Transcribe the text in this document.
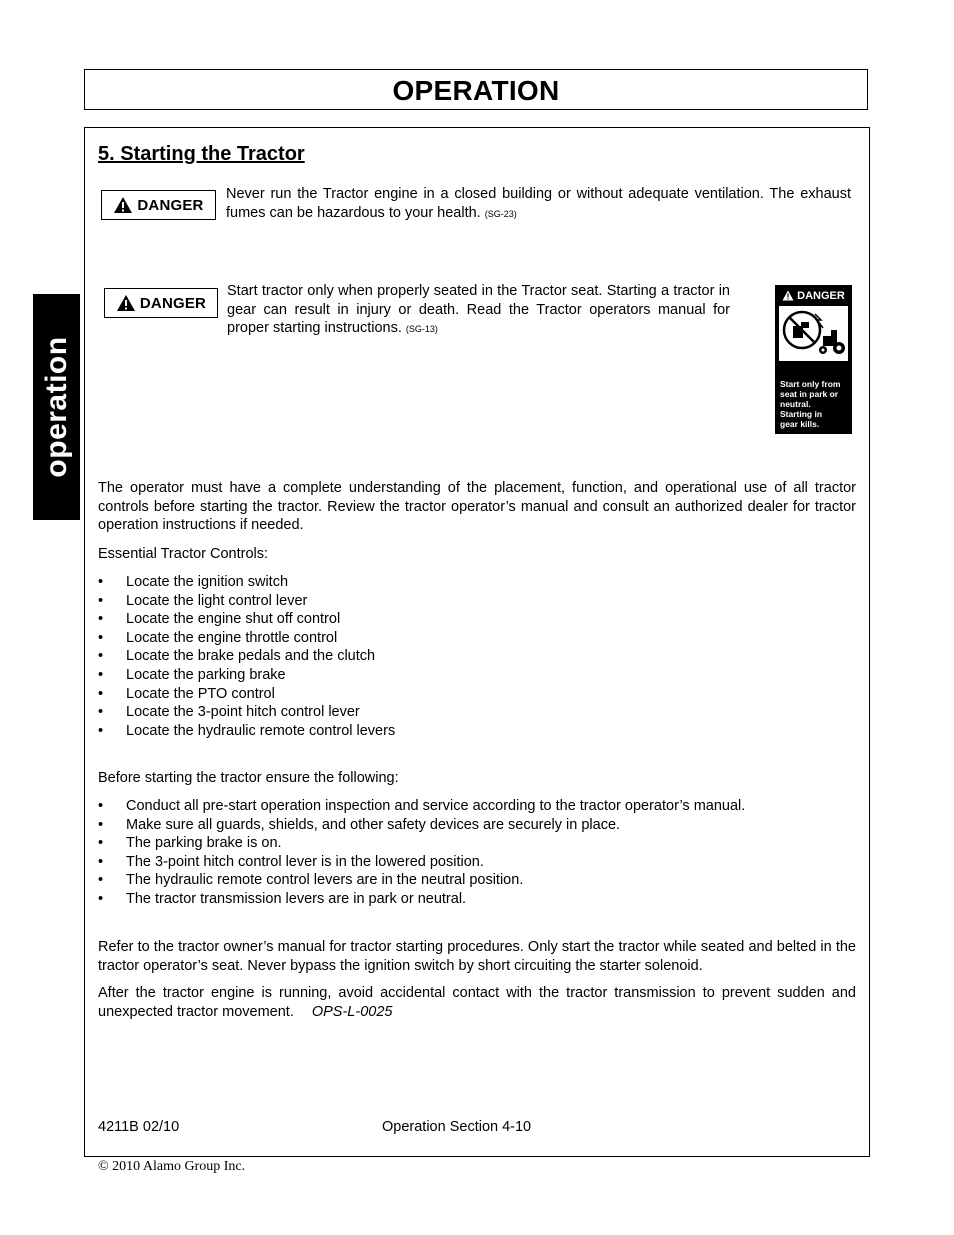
OPERATION
operation
5. Starting the Tractor
DANGER
Never run the Tractor engine in a closed building or without adequate ventilation. The exhaust fumes can be hazardous to your health. (SG-23)
DANGER
Start tractor only when properly seated in the Tractor seat. Starting a tractor in gear can result in injury or death. Read the Tractor operators manual for proper starting instructions. (SG-13)
DANGER
Start only from
seat in park or
neutral.
Starting in
gear kills.
The operator must have a complete understanding of the placement, function, and operational use of all tractor controls before starting the tractor. Review the tractor operator’s manual and consult an authorized dealer for tractor operation instructions if needed.
Essential Tractor Controls:
• Locate the ignition switch
• Locate the light control lever
• Locate the engine shut off control
• Locate the engine throttle control
• Locate the brake pedals and the clutch
• Locate the parking brake
• Locate the PTO control
• Locate the 3-point hitch control lever
• Locate the hydraulic remote control levers
Before starting the tractor ensure the following:
• Conduct all pre-start operation inspection and service according to the tractor operator’s manual.
• Make sure all guards, shields, and other safety devices are securely in place.
• The parking brake is on.
• The 3-point hitch control lever is in the lowered position.
• The hydraulic remote control levers are in the neutral position.
• The tractor transmission levers are in park or neutral.
Refer to the tractor owner’s manual for tractor starting procedures. Only start the tractor while seated and belted in the tractor operator’s seat. Never bypass the ignition switch by short circuiting the starter solenoid.
After the tractor engine is running, avoid accidental contact with the tractor transmission to prevent sudden and unexpected tractor movement. OPS-L-0025
4211B 02/10	Operation Section 4-10
© 2010 Alamo Group Inc.
